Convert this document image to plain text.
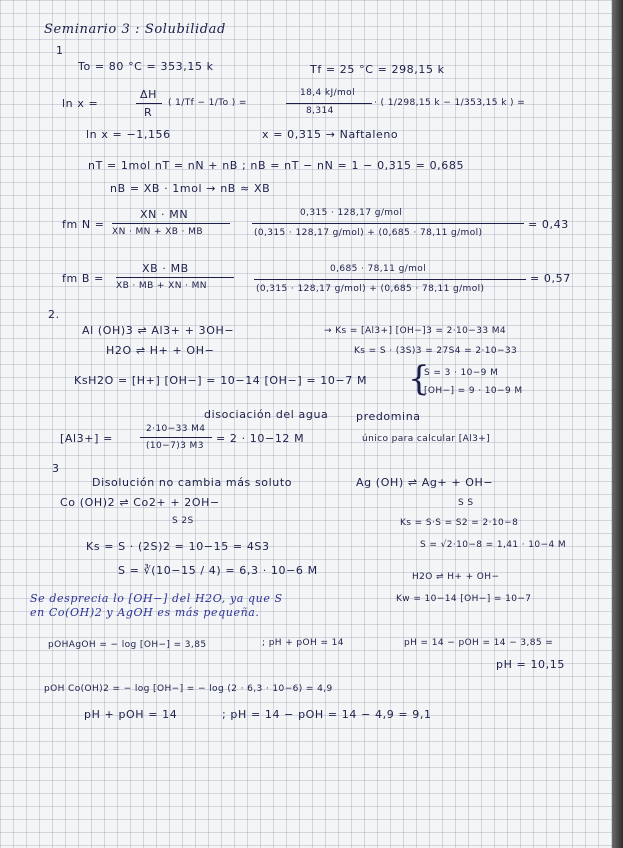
Seminario 3 : Solubilidad
1
To = 80 °C = 353,15 k	Tf = 25 °C = 298,15 k
ln x =
ΔH
R
( 1/Tf − 1/To ) =
18,4 kJ/mol
8,314
· ( 1/298,15 k − 1/353,15 k ) =
ln x = −1,156	x = 0,315 → Naftaleno
nT = 1mol nT = nN + nB ; nB = nT − nN = 1 − 0,315 = 0,685
nB = XB · 1mol → nB ≈ XB
fm N =
XN · MN
XN · MN + XB · MB
0,315 · 128,17 g/mol
(0,315 · 128,17 g/mol) + (0,685 · 78,11 g/mol)
= 0,43
fm B =
XB · MB
XB · MB + XN · MN
0,685 · 78,11 g/mol
(0,315 · 128,17 g/mol) + (0,685 · 78,11 g/mol)
= 0,57
2.
Al (OH)3 ⇌ Al3+ + 3OH−	→ Ks = [Al3+] [OH−]3 = 2·10−33 M4
H2O ⇌ H+ + OH−	Ks = S · (3S)3 = 27S4 = 2·10−33
KsH2O = [H+] [OH−] = 10−14 [OH−] = 10−7 M {
S = 3 · 10−9 M
[OH−] = 9 · 10−9 M
disociación del agua	predomina
[Al3+] =
2·10−33 M4
(10−7)3 M3
= 2 · 10−12 M	único para calcular [Al3+]
3
Disolución no cambia más soluto	Ag (OH) ⇌ Ag+ + OH−
S S
Co (OH)2 ⇌ Co2+ + 2OH−
S 2S	Ks = S·S = S2 = 2·10−8
Ks = S · (2S)2 = 10−15 = 4S3	S = √2·10−8 = 1,41 · 10−4 M
S = ∛(10−15 / 4) = 6,3 · 10−6 M	H2O ⇌ H+ + OH−
Se desprecia lo [OH−] del H2O, ya que S	Kw = 10−14 [OH−] = 10−7
en Co(OH)2 y AgOH es más pequeña.
pOHAgOH = − log [OH−] = 3,85	; pH + pOH = 14	pH = 14 − pOH = 14 − 3,85 =
pH = 10,15
pOH Co(OH)2 = − log [OH−] = − log (2 · 6,3 · 10−6) = 4,9
pH + pOH = 14	; pH = 14 − pOH = 14 − 4,9 = 9,1
